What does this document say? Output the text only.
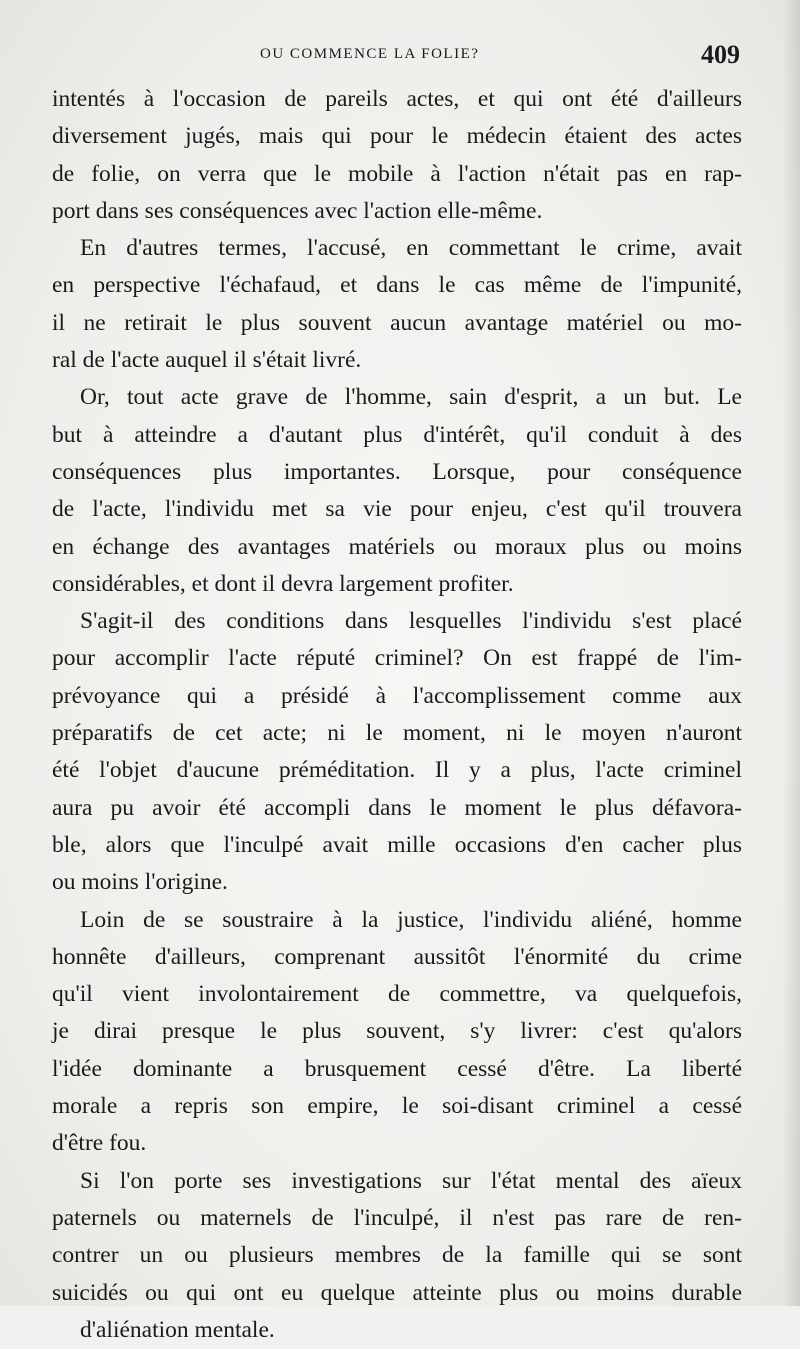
OU COMMENCE LA FOLIE?	409
intentés à l'occasion de pareils actes, et qui ont été d'ailleurs
diversement jugés, mais qui pour le médecin étaient des actes
de folie, on verra que le mobile à l'action n'était pas en rap-
port dans ses conséquences avec l'action elle-même.
En d'autres termes, l'accusé, en commettant le crime, avait
en perspective l'échafaud, et dans le cas même de l'impunité,
il ne retirait le plus souvent aucun avantage matériel ou mo-
ral de l'acte auquel il s'était livré.
Or, tout acte grave de l'homme, sain d'esprit, a un but. Le
but à atteindre a d'autant plus d'intérêt, qu'il conduit à des
conséquences plus importantes. Lorsque, pour conséquence
de l'acte, l'individu met sa vie pour enjeu, c'est qu'il trouvera
en échange des avantages matériels ou moraux plus ou moins
considérables, et dont il devra largement profiter.
S'agit-il des conditions dans lesquelles l'individu s'est placé
pour accomplir l'acte réputé criminel? On est frappé de l'im-
prévoyance qui a présidé à l'accomplissement comme aux
préparatifs de cet acte; ni le moment, ni le moyen n'auront
été l'objet d'aucune préméditation. Il y a plus, l'acte criminel
aura pu avoir été accompli dans le moment le plus défavora-
ble, alors que l'inculpé avait mille occasions d'en cacher plus
ou moins l'origine.
Loin de se soustraire à la justice, l'individu aliéné, homme
honnête d'ailleurs, comprenant aussitôt l'énormité du crime
qu'il vient involontairement de commettre, va quelquefois,
je dirai presque le plus souvent, s'y livrer: c'est qu'alors
l'idée dominante a brusquement cessé d'être. La liberté
morale a repris son empire, le soi-disant criminel a cessé
d'être fou.
Si l'on porte ses investigations sur l'état mental des aïeux
paternels ou maternels de l'inculpé, il n'est pas rare de ren-
contrer un ou plusieurs membres de la famille qui se sont
suicidés ou qui ont eu quelque atteinte plus ou moins durable
d'aliénation mentale.
